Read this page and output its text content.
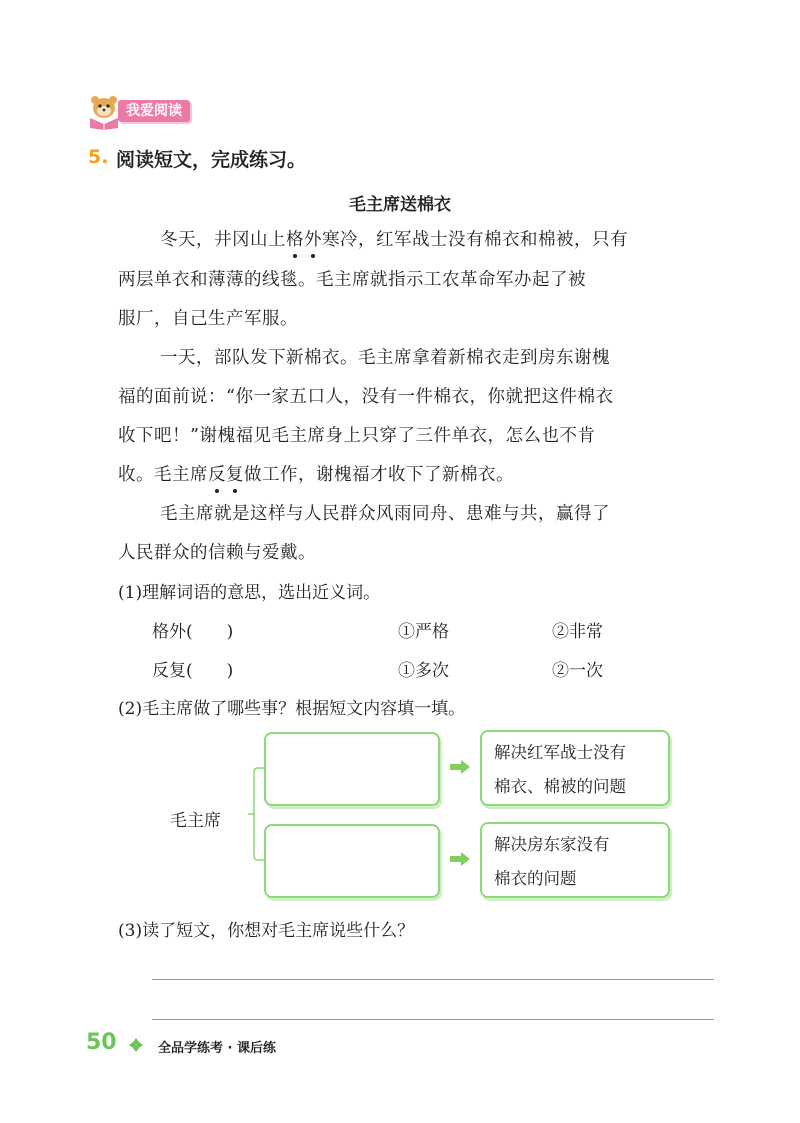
我爱阅读
5. 阅读短文，完成练习。
毛主席送棉衣
冬天，井冈山上格外寒冷，红军战士没有棉衣和棉被，只有
两层单衣和薄薄的线毯。毛主席就指示工农革命军办起了被
服厂，自己生产军服。
一天，部队发下新棉衣。毛主席拿着新棉衣走到房东谢槐
福的面前说：“你一家五口人，没有一件棉衣，你就把这件棉衣
收下吧！”谢槐福见毛主席身上只穿了三件单衣，怎么也不肯
收。毛主席反复做工作，谢槐福才收下了新棉衣。
毛主席就是这样与人民群众风雨同舟、患难与共，赢得了
人民群众的信赖与爱戴。
(1)理解词语的意思，选出近义词。
格外(　　)	①严格	②非常
反复(　　)	①多次	②一次
(2)毛主席做了哪些事？根据短文内容填一填。
毛主席
解决红军战士没有
棉衣、棉被的问题
解决房东家没有
棉衣的问题
(3)读了短文，你想对毛主席说些什么？
50	全品学练考 · 课后练
